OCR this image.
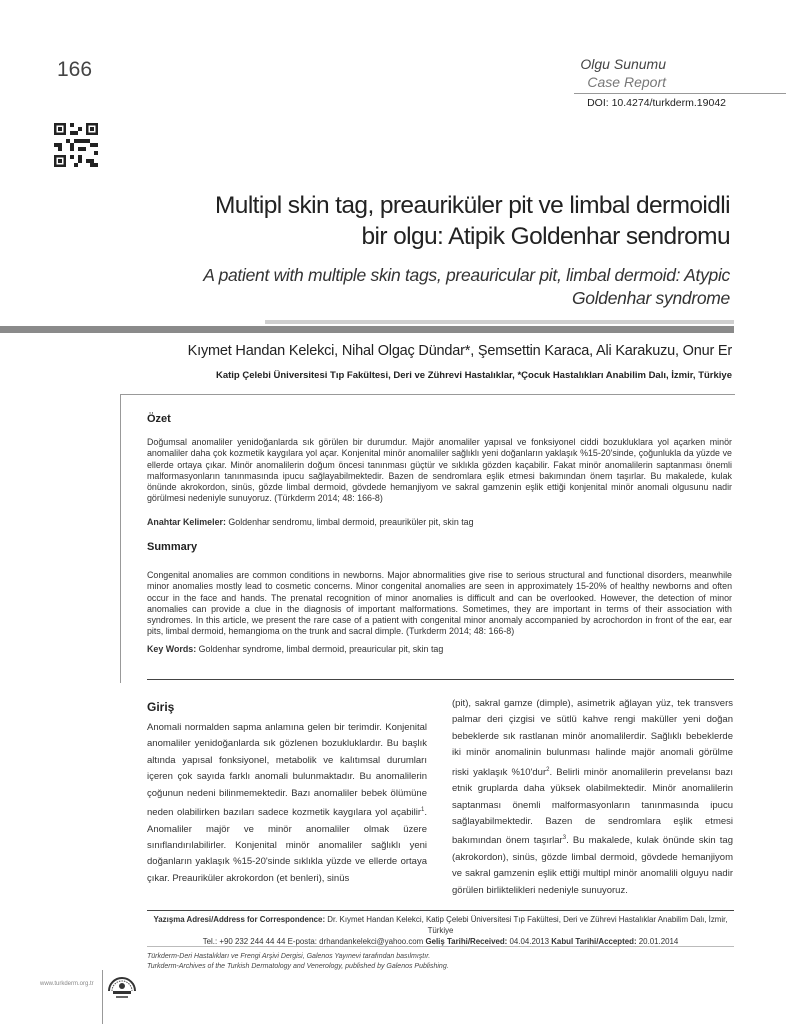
166	Olgu Sunumu
Case Report
DOI: 10.4274/turkderm.19042
Multipl skin tag, preauriküler pit ve limbal dermoidli
bir olgu: Atipik Goldenhar sendromu
A patient with multiple skin tags, preauricular pit, limbal dermoid: Atypic
Goldenhar syndrome
Kıymet Handan Kelekci, Nihal Olgaç Dündar*, Şemsettin Karaca, Ali Karakuzu, Onur Er
Katip Çelebi Üniversitesi Tıp Fakültesi, Deri ve Zührevi Hastalıklar, *Çocuk Hastalıkları Anabilim Dalı, İzmir, Türkiye
Özet
Doğumsal anomaliler yenidoğanlarda sık görülen bir durumdur. Majör anomaliler yapısal ve fonksiyonel ciddi bozukluklara yol açarken minör anomaliler daha çok kozmetik kaygılara yol açar. Konjenital minör anomaliler sağlıklı yeni doğanların yaklaşık %15-20'sinde, çoğunlukla da yüzde ve ellerde ortaya çıkar. Minör anomalilerin doğum öncesi tanınması güçtür ve sıklıkla gözden kaçabilir. Fakat minör anomalilerin saptanması önemli malformasyonların tanınmasında ipucu sağlayabilmektedir. Bazen de sendromlara eşlik etmesi bakımından önem taşırlar. Bu makalede, kulak önünde akrokordon, sinüs, gözde limbal dermoid, gövdede hemanjiyom ve sakral gamzenin eşlik ettiği konjenital minör anomali olgusunu nadir görülmesi nedeniyle sunuyoruz. (Türkderm 2014; 48: 166-8)
Anahtar Kelimeler: Goldenhar sendromu, limbal dermoid, preauriküler pit, skin tag
Summary
Congenital anomalies are common conditions in newborns. Major abnormalities give rise to serious structural and functional disorders, meanwhile minor anomalies mostly lead to cosmetic concerns. Minor congenital anomalies are seen in approximately 15-20% of healthy newborns and often occur in the face and hands. The prenatal recognition of minor anomalies is difficult and can be overlooked. However, the detection of minor anomalies can provide a clue in the diagnosis of important malformations. Sometimes, they are important in terms of their association with syndromes. In this article, we present the rare case of a patient with congenital minor anomaly accompanied by acrochordon in front of the ear, ear pits, limbal dermoid, hemangioma on the trunk and sacral dimple. (Turkderm 2014; 48: 166-8)
Key Words: Goldenhar syndrome, limbal dermoid, preauricular pit, skin tag
Giriş
Anomali normalden sapma anlamına gelen bir terimdir. Konjenital anomaliler yenidoğanlarda sık gözlenen bozukluklardır. Bu başlık altında yapısal fonksiyonel, metabolik ve kalıtımsal durumları içeren çok sayıda farklı anomali bulunmaktadır. Bu anomalilerin çoğunun nedeni bilinmemektedir. Bazı anomaliler bebek ölümüne neden olabilirken bazıları sadece kozmetik kaygılara yol açabilir$^1$. Anomaliler majör ve minör anomaliler olmak üzere sınıflandırılabilirler. Konjenital minör anomaliler sağlıklı yeni doğanların yaklaşık %15-20'sinde sıklıkla yüzde ve ellerde ortaya çıkar. Preauriküler akrokordon (et benleri), sinüs
(pit), sakral gamze (dimple), asimetrik ağlayan yüz, tek transvers palmar deri çizgisi ve sütlü kahve rengi maküller yeni doğan bebeklerde sık rastlanan minör anomalilerdir. Sağlıklı bebeklerde iki minör anomalinin bulunması halinde majör anomali görülme riski yaklaşık %10'dur$^2$. Belirli minör anomalilerin prevelansı bazı etnik gruplarda daha yüksek olabilmektedir. Minör anomalilerin saptanması önemli malformasyonların tanınmasında ipucu sağlayabilmektedir. Bazen de sendromlara eşlik etmesi bakımından önem taşırlar$^3$. Bu makalede, kulak önünde skin tag (akrokordon), sinüs, gözde limbal dermoid, gövdede hemanjiyom ve sakral gamzenin eşlik ettiği multipl minör anomalili olguyu nadir görülen birliktelikleri nedeniyle sunuyoruz.
Yazışma Adresi/Address for Correspondence: Dr. Kıymet Handan Kelekci, Katip Çelebi Üniversitesi Tıp Fakültesi, Deri ve Zührevi Hastalıklar Anabilim Dalı, İzmir, Türkiye
Tel.: +90 232 244 44 44 E-posta: drhandankelekci@yahoo.com Geliş Tarihi/Received: 04.04.2013 Kabul Tarihi/Accepted: 20.01.2014
Türkderm-Deri Hastalıkları ve Frengi Arşivi Dergisi, Galenos Yayınevi tarafından basılmıştır.
Turkderm-Archives of the Turkish Dermatology and Venerology, published by Galenos Publishing.
www.turkderm.org.tr
